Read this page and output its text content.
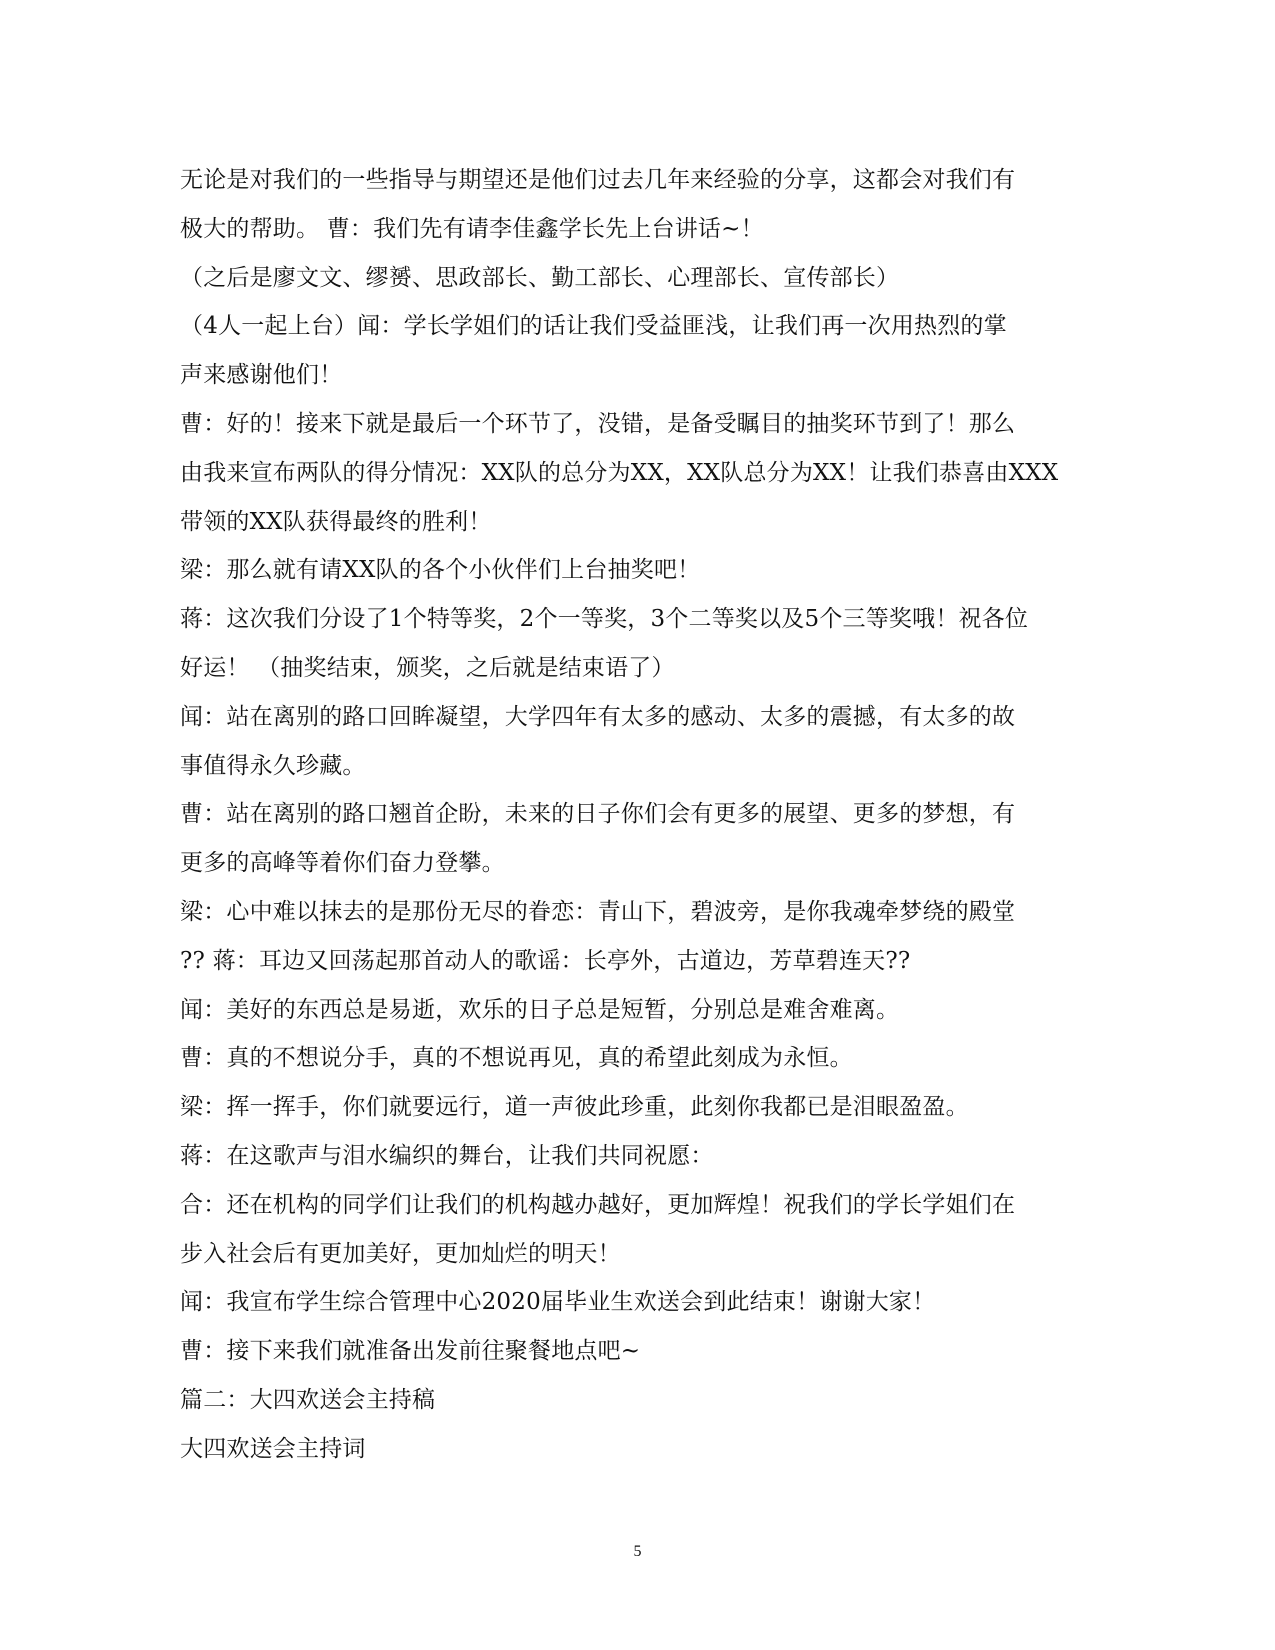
无论是对我们的一些指导与期望还是他们过去几年来经验的分享，这都会对我们有
极大的帮助。 曹：我们先有请李佳鑫学长先上台讲话~！
（之后是廖文文、缪赟、思政部长、勤工部长、心理部长、宣传部长）
（4人一起上台）闻：学长学姐们的话让我们受益匪浅，让我们再一次用热烈的掌
声来感谢他们！
曹：好的！接来下就是最后一个环节了，没错，是备受瞩目的抽奖环节到了！那么
由我来宣布两队的得分情况：XX队的总分为XX，XX队总分为XX！让我们恭喜由XXX
带领的XX队获得最终的胜利！
梁：那么就有请XX队的各个小伙伴们上台抽奖吧！
蒋：这次我们分设了1个特等奖，2个一等奖，3个二等奖以及5个三等奖哦！祝各位
好运！ （抽奖结束，颁奖，之后就是结束语了）
闻：站在离别的路口回眸凝望，大学四年有太多的感动、太多的震撼，有太多的故
事值得永久珍藏。
曹：站在离别的路口翘首企盼，未来的日子你们会有更多的展望、更多的梦想，有
更多的高峰等着你们奋力登攀。
梁：心中难以抹去的是那份无尽的眷恋：青山下，碧波旁，是你我魂牵梦绕的殿堂
?? 蒋：耳边又回荡起那首动人的歌谣：长亭外，古道边，芳草碧连天??
闻：美好的东西总是易逝，欢乐的日子总是短暂，分别总是难舍难离。
曹：真的不想说分手，真的不想说再见，真的希望此刻成为永恒。
梁：挥一挥手，你们就要远行，道一声彼此珍重，此刻你我都已是泪眼盈盈。
蒋：在这歌声与泪水编织的舞台，让我们共同祝愿：
合：还在机构的同学们让我们的机构越办越好，更加辉煌！祝我们的学长学姐们在
步入社会后有更加美好，更加灿烂的明天！
闻：我宣布学生综合管理中心2020届毕业生欢送会到此结束！谢谢大家！
曹：接下来我们就准备出发前往聚餐地点吧~
篇二：大四欢送会主持稿
大四欢送会主持词
5
